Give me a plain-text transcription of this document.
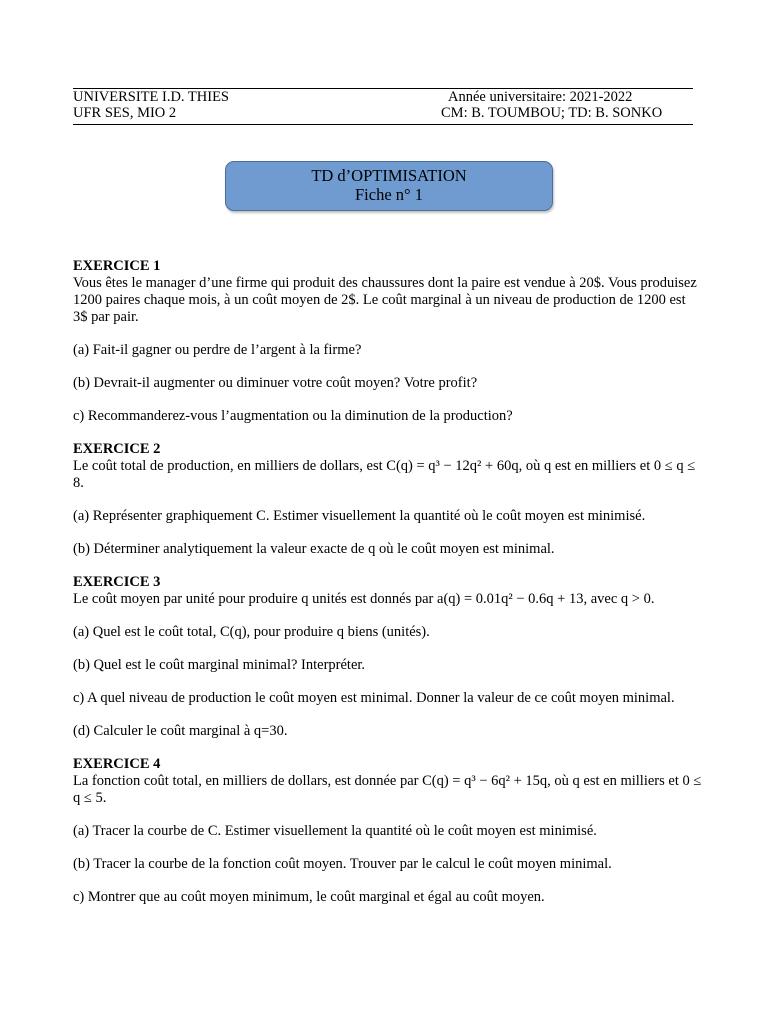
UNIVERSITE I.D. THIES
UFR SES, MIO 2
Année universitaire: 2021-2022
CM: B. TOUMBOU; TD: B. SONKO
TD d’OPTIMISATION
Fiche n° 1
EXERCICE 1
Vous êtes le manager d’une firme qui produit des chaussures dont la paire est vendue à 20$. Vous produisez 1200 paires chaque mois, à un coût moyen de 2$. Le coût marginal à un niveau de production de 1200 est 3$ par pair.
(a) Fait-il gagner ou perdre de l’argent à la firme?
(b) Devrait-il augmenter ou diminuer votre coût moyen? Votre profit?
c) Recommanderez-vous l’augmentation ou la diminution de la production?
EXERCICE 2
Le coût total de production, en milliers de dollars, est C(q) = q³ − 12q² + 60q, où q est en milliers et 0 ≤ q ≤ 8.
(a) Représenter graphiquement C. Estimer visuellement la quantité où le coût moyen est minimisé.
(b) Déterminer analytiquement la valeur exacte de q où le coût moyen est minimal.
EXERCICE 3
Le coût moyen par unité pour produire q unités est donnés par a(q) = 0.01q² − 0.6q + 13, avec q > 0.
(a) Quel est le coût total, C(q), pour produire q biens (unités).
(b) Quel est le coût marginal minimal? Interpréter.
c) A quel niveau de production le coût moyen est minimal. Donner la valeur de ce coût moyen minimal.
(d) Calculer le coût marginal à q=30.
EXERCICE 4
La fonction coût total, en milliers de dollars, est donnée par C(q) = q³ − 6q² + 15q, où q est en milliers et 0 ≤ q ≤ 5.
(a) Tracer la courbe de C. Estimer visuellement la quantité où le coût moyen est minimisé.
(b) Tracer la courbe de la fonction coût moyen. Trouver par le calcul le coût moyen minimal.
c) Montrer que au coût moyen minimum, le coût marginal et égal au coût moyen.
